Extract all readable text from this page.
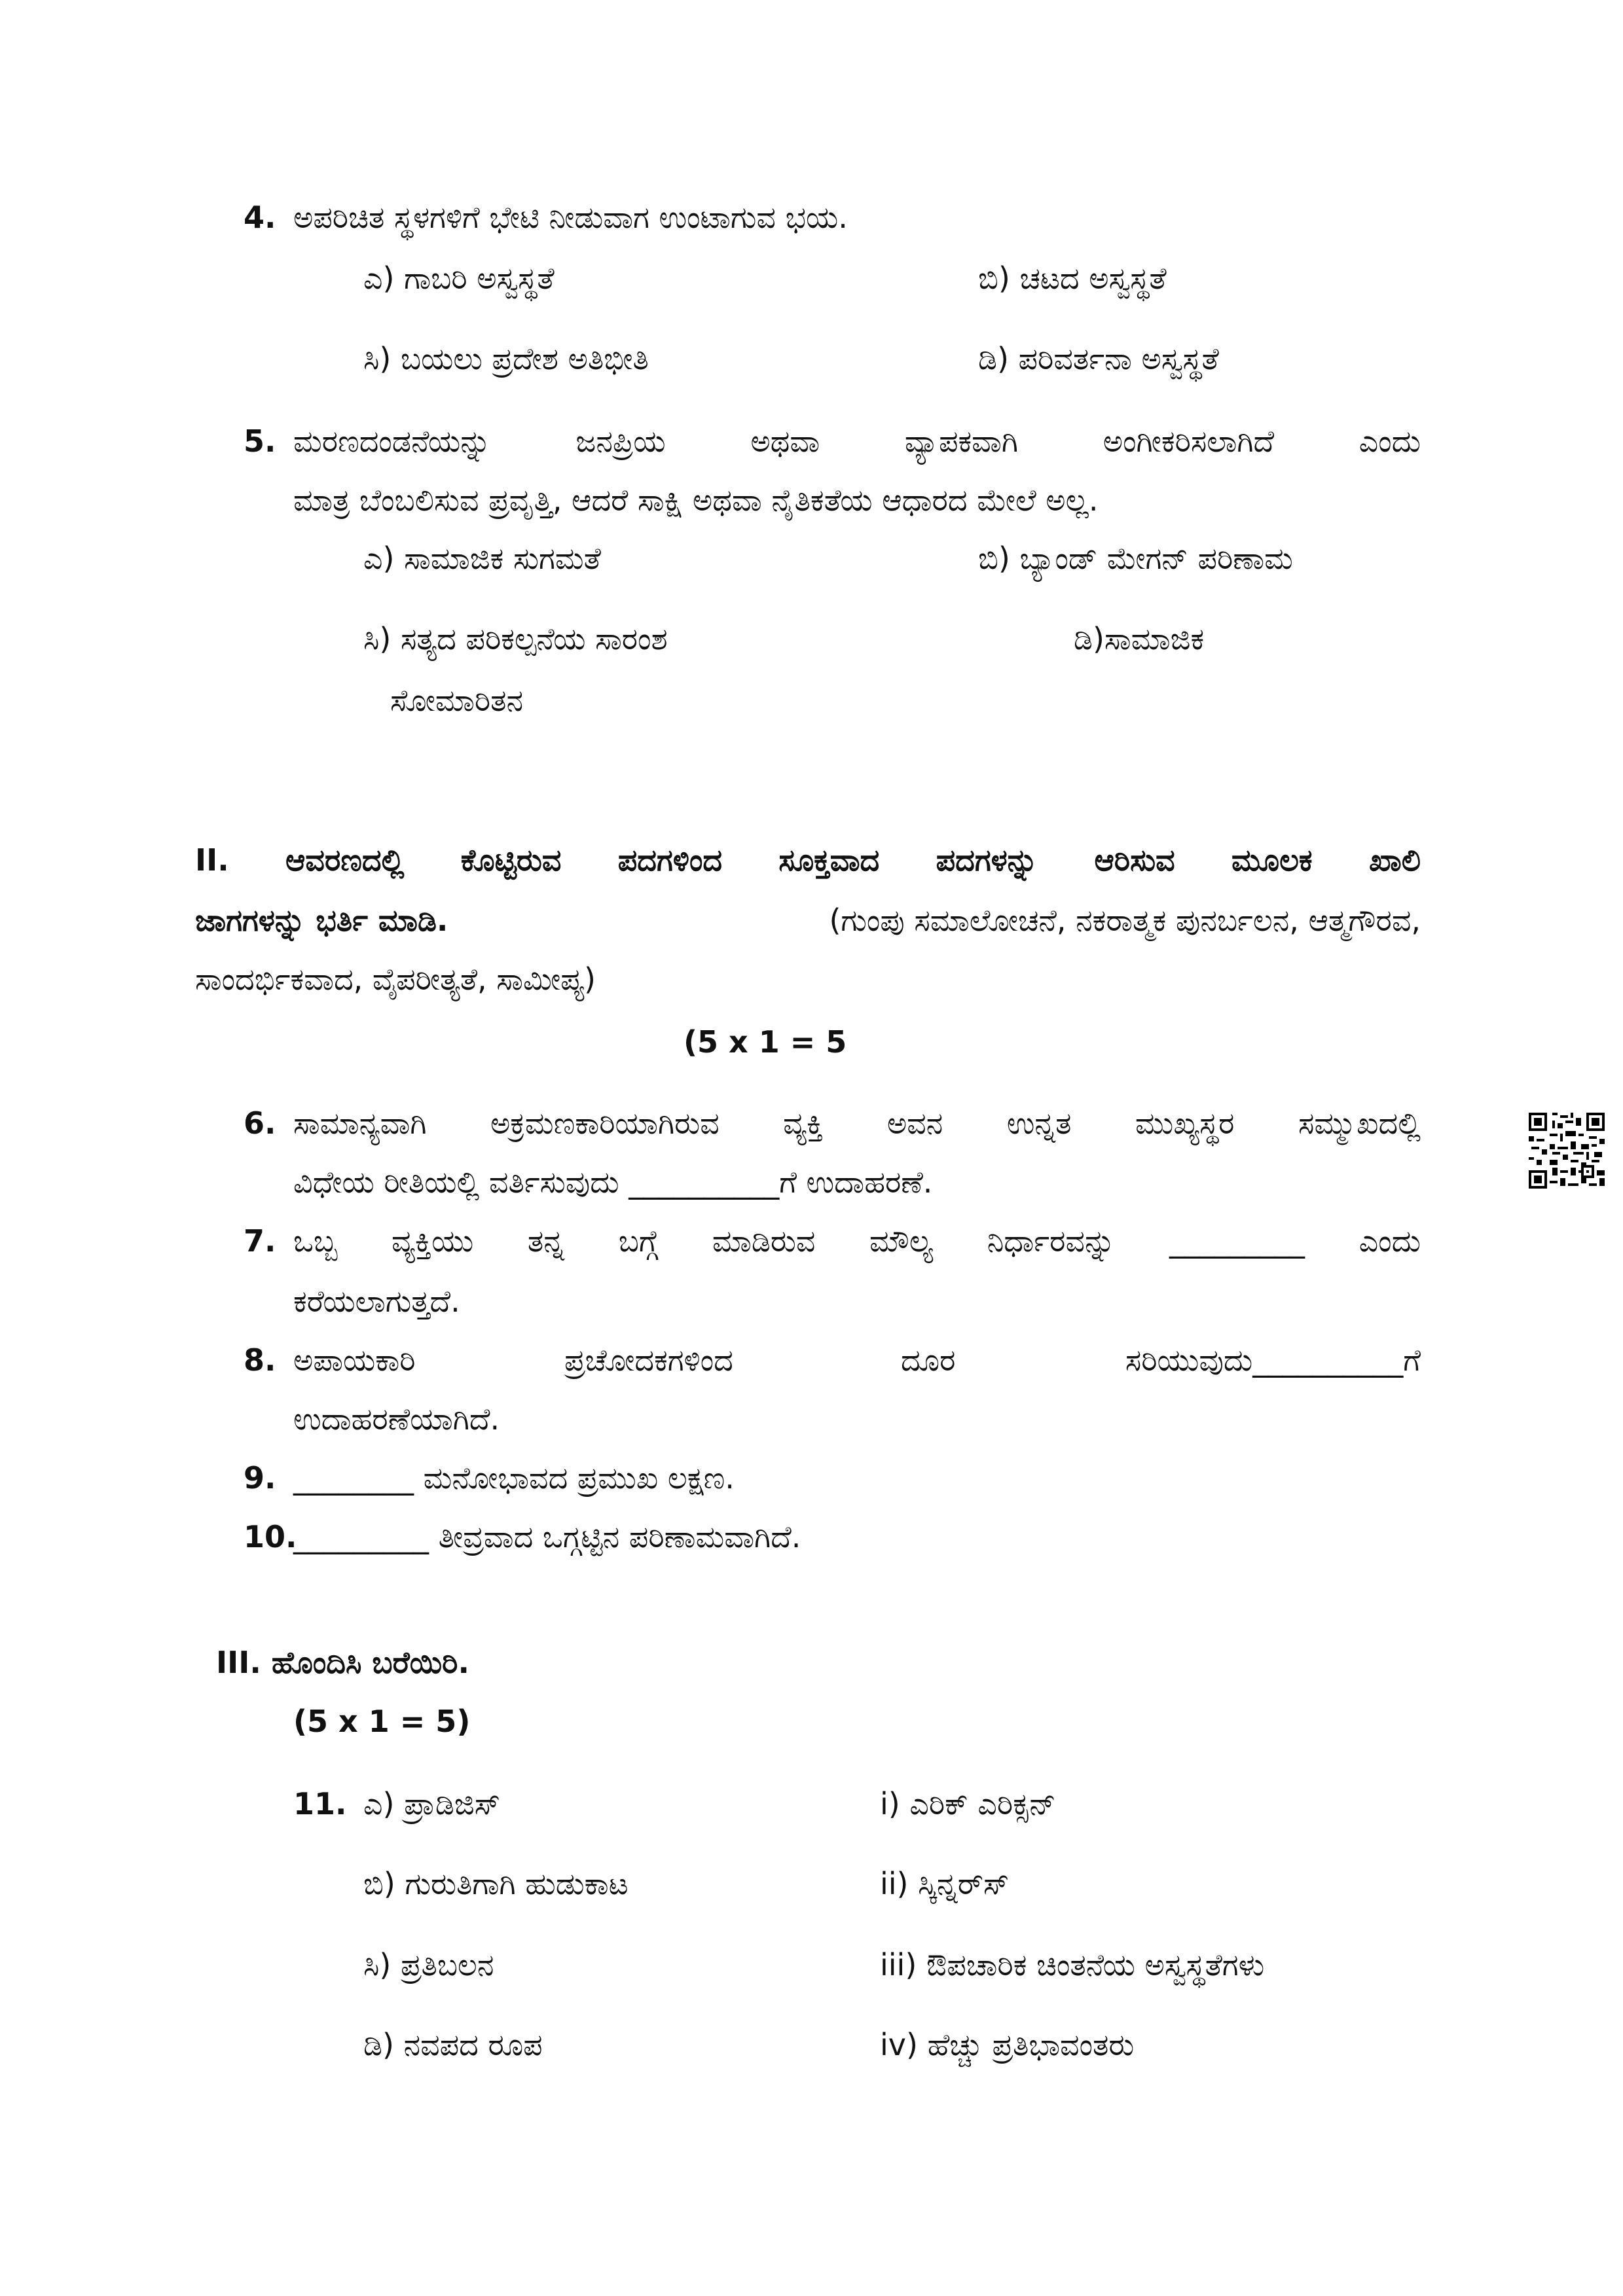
4. ಅಪರಿಚಿತ ಸ್ಥಳಗಳಿಗೆ ಭೇಟಿ ನೀಡುವಾಗ ಉಂಟಾಗುವ ಭಯ.
ಎ) ಗಾಬರಿ ಅಸ್ವಸ್ಥತೆ	ಬಿ) ಚಟದ ಅಸ್ವಸ್ಥತೆ
ಸಿ) ಬಯಲು ಪ್ರದೇಶ ಅತಿಭೀತಿ	ಡಿ) ಪರಿವರ್ತನಾ ಅಸ್ವಸ್ಥತೆ
5. ಮರಣದಂಡನೆಯನ್ನು ಜನಪ್ರಿಯ ಅಥವಾ ವ್ಯಾಪಕವಾಗಿ ಅಂಗೀಕರಿಸಲಾಗಿದೆ ಎಂದು
ಮಾತ್ರ ಬೆಂಬಲಿಸುವ ಪ್ರವೃತ್ತಿ, ಆದರೆ ಸಾಕ್ಷಿ ಅಥವಾ ನೈತಿಕತೆಯ ಆಧಾರದ ಮೇಲೆ ಅಲ್ಲ.
ಎ) ಸಾಮಾಜಿಕ ಸುಗಮತೆ	ಬಿ) ಬ್ಯಾಂಡ್ ಮೇಗನ್ ಪರಿಣಾಮ
ಸಿ) ಸತ್ಯದ ಪರಿಕಲ್ಪನೆಯ ಸಾರಂಶ	ಡಿ)ಸಾಮಾಜಿಕ
ಸೋಮಾರಿತನ
II. ಆವರಣದಲ್ಲಿ ಕೊಟ್ಟಿರುವ ಪದಗಳಿಂದ ಸೂಕ್ತವಾದ ಪದಗಳನ್ನು ಆರಿಸುವ ಮೂಲಕ ಖಾಲಿ
ಜಾಗಗಳನ್ನು ಭರ್ತಿ ಮಾಡಿ.	(ಗುಂಪು ಸಮಾಲೋಚನೆ, ನಕರಾತ್ಮಕ ಪುನರ್ಬಲನ, ಆತ್ಮಗೌರವ,
ಸಾಂದರ್ಭಿಕವಾದ, ವೈಪರೀತ್ಯತೆ, ಸಾಮೀಪ್ಯ)
(5 x 1 = 5
6. ಸಾಮಾನ್ಯವಾಗಿ ಅಕ್ರಮಣಕಾರಿಯಾಗಿರುವ ವ್ಯಕ್ತಿ ಅವನ ಉನ್ನತ ಮುಖ್ಯಸ್ಥರ ಸಮ್ಮುಖದಲ್ಲಿ
ವಿಧೇಯ ರೀತಿಯಲ್ಲಿ ವರ್ತಿಸುವುದು __________ಗೆ ಉದಾಹರಣೆ.
7. ಒಬ್ಬ ವ್ಯಕ್ತಿಯು ತನ್ನ ಬಗ್ಗೆ ಮಾಡಿರುವ ಮೌಲ್ಯ ನಿರ್ಧಾರವನ್ನು _________ ಎಂದು
ಕರೆಯಲಾಗುತ್ತದೆ.
8. ಅಪಾಯಕಾರಿ	ಪ್ರಚೋದಕಗಳಿಂದ	ದೂರ	ಸರಿಯುವುದು__________ಗೆ
ಉದಾಹರಣೆಯಾಗಿದೆ.
9. ________ ಮನೋಭಾವದ ಪ್ರಮುಖ ಲಕ್ಷಣ.
10.
_________ ತೀವ್ರವಾದ ಒಗ್ಗಟ್ಟಿನ ಪರಿಣಾಮವಾಗಿದೆ.
III. ಹೊಂದಿಸಿ ಬರೆಯಿರಿ.
(5 x 1 = 5)
11. ಎ) ಪ್ರಾಡಿಜಿಸ್	i) ಎರಿಕ್ ಎರಿಕ್ಸನ್
ಬಿ) ಗುರುತಿಗಾಗಿ ಹುಡುಕಾಟ	ii) ಸ್ಕಿನ್ನರ್‌ಸ್
ಸಿ) ಪ್ರತಿಬಲನ	iii) ಔಪಚಾರಿಕ ಚಿಂತನೆಯ ಅಸ್ವಸ್ಥತೆಗಳು
ಡಿ) ನವಪದ ರೂಪ	iv) ಹೆಚ್ಚು ಪ್ರತಿಭಾವಂತರು
